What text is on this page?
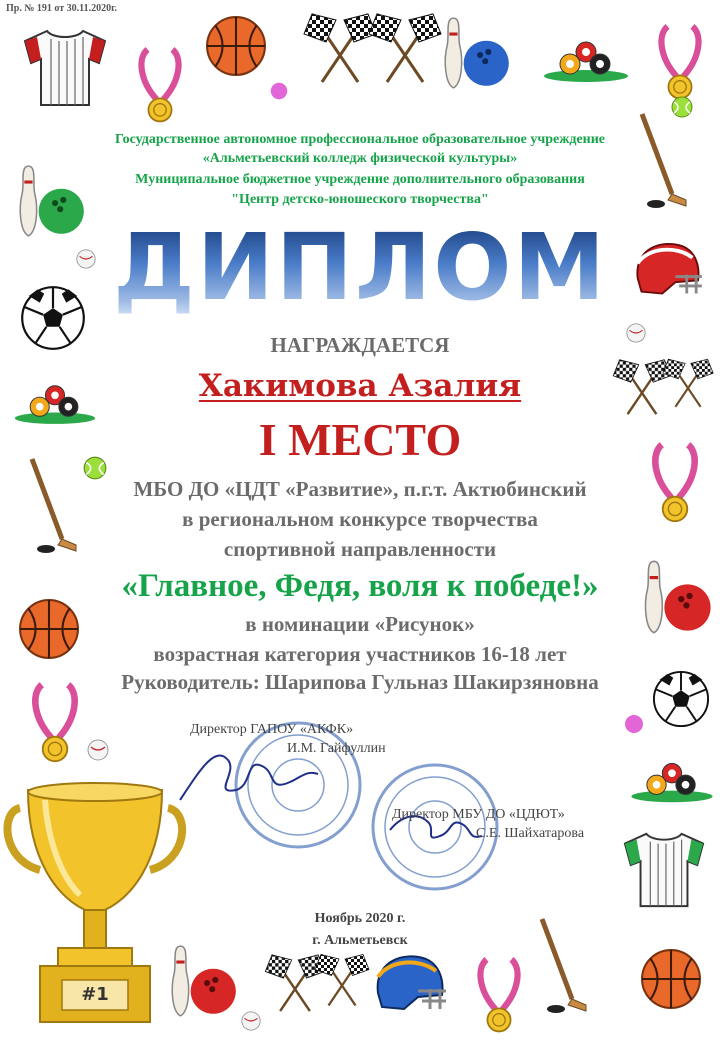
Пр. № 191 от 30.11.2020г.

Государственное автономное профессиональное образовательное учреждение

«Альметьевский колледж физической культуры»

Муниципальное бюджетное учреждение дополнительного образования

"Центр детско-юношеского творчества"

ДИПЛОМ

НАГРАЖДАЕТСЯ

Хакимова Азалия

I МЕСТО

МБО ДО «ЦДТ «Развитие», п.г.т. Актюбинский

в региональном конкурсе творчества

спортивной направленности

«Главное, Федя, воля к победе!»

в номинации «Рисунок»

возрастная категория участников 16-18 лет

Руководитель: Шарипова Гульназ Шакирзяновна

Директор ГАПОУ «АКФК»

И.М. Гайфуллин

Директор МБУ ДО «ЦДЮТ»

С.Е. Шайхатарова

Ноябрь 2020 г.

г. Альметьевск

#1
